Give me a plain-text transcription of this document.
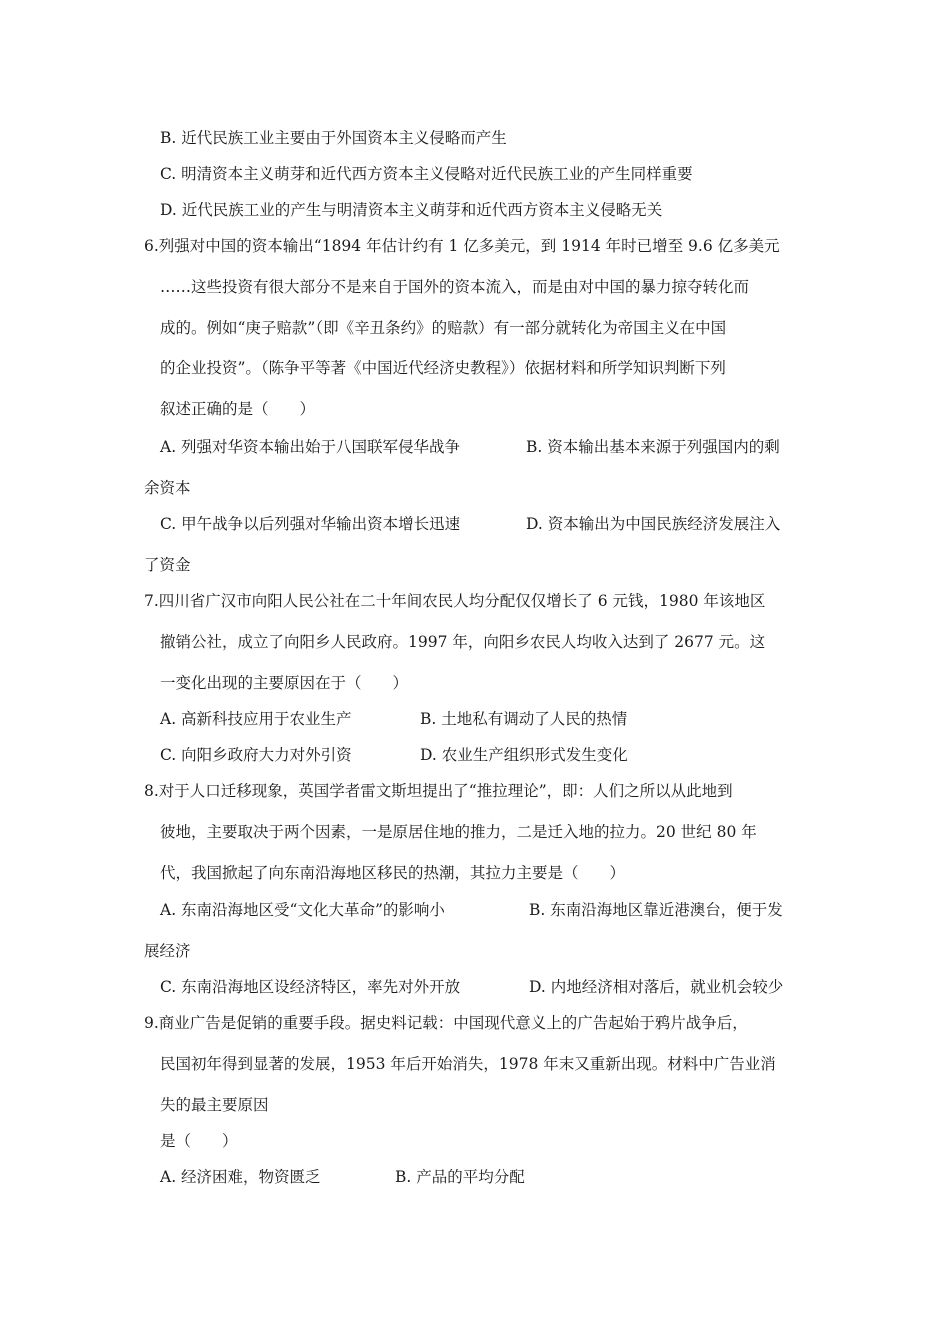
B. 近代民族工业主要由于外国资本主义侵略而产生
C. 明清资本主义萌芽和近代西方资本主义侵略对近代民族工业的产生同样重要
D. 近代民族工业的产生与明清资本主义萌芽和近代西方资本主义侵略无关
6.列强对中国的资本输出“1894 年估计约有 1 亿多美元，到 1914 年时已增至 9.6 亿多美元
……这些投资有很大部分不是来自于国外的资本流入，而是由对中国的暴力掠夺转化而
成的。例如“庚子赔款”（即《辛丑条约》的赔款）有一部分就转化为帝国主义在中国
的企业投资”。（陈争平等著《中国近代经济史教程》）依据材料和所学知识判断下列
叙述正确的是（　　）
A. 列强对华资本输出始于八国联军侵华战争	B. 资本输出基本来源于列强国内的剩
余资本
C. 甲午战争以后列强对华输出资本增长迅速	D. 资本输出为中国民族经济发展注入
了资金
7.四川省广汉市向阳人民公社在二十年间农民人均分配仅仅增长了 6 元钱，1980 年该地区
撤销公社，成立了向阳乡人民政府。1997 年，向阳乡农民人均收入达到了 2677 元。这
一变化出现的主要原因在于（　　）
A. 高新科技应用于农业生产	B. 土地私有调动了人民的热情
C. 向阳乡政府大力对外引资	D. 农业生产组织形式发生变化
8.对于人口迁移现象，英国学者雷文斯坦提出了“推拉理论”，即：人们之所以从此地到
彼地，主要取决于两个因素，一是原居住地的推力，二是迁入地的拉力。20 世纪 80 年
代，我国掀起了向东南沿海地区移民的热潮，其拉力主要是（　　）
A. 东南沿海地区受“文化大革命”的影响小	B. 东南沿海地区靠近港澳台，便于发
展经济
C. 东南沿海地区设经济特区，率先对外开放	D. 内地经济相对落后，就业机会较少
9.商业广告是促销的重要手段。据史料记载：中国现代意义上的广告起始于鸦片战争后，
民国初年得到显著的发展，1953 年后开始消失，1978 年末又重新出现。材料中广告业消
失的最主要原因
是（　　）
A. 经济困难，物资匮乏	B. 产品的平均分配
